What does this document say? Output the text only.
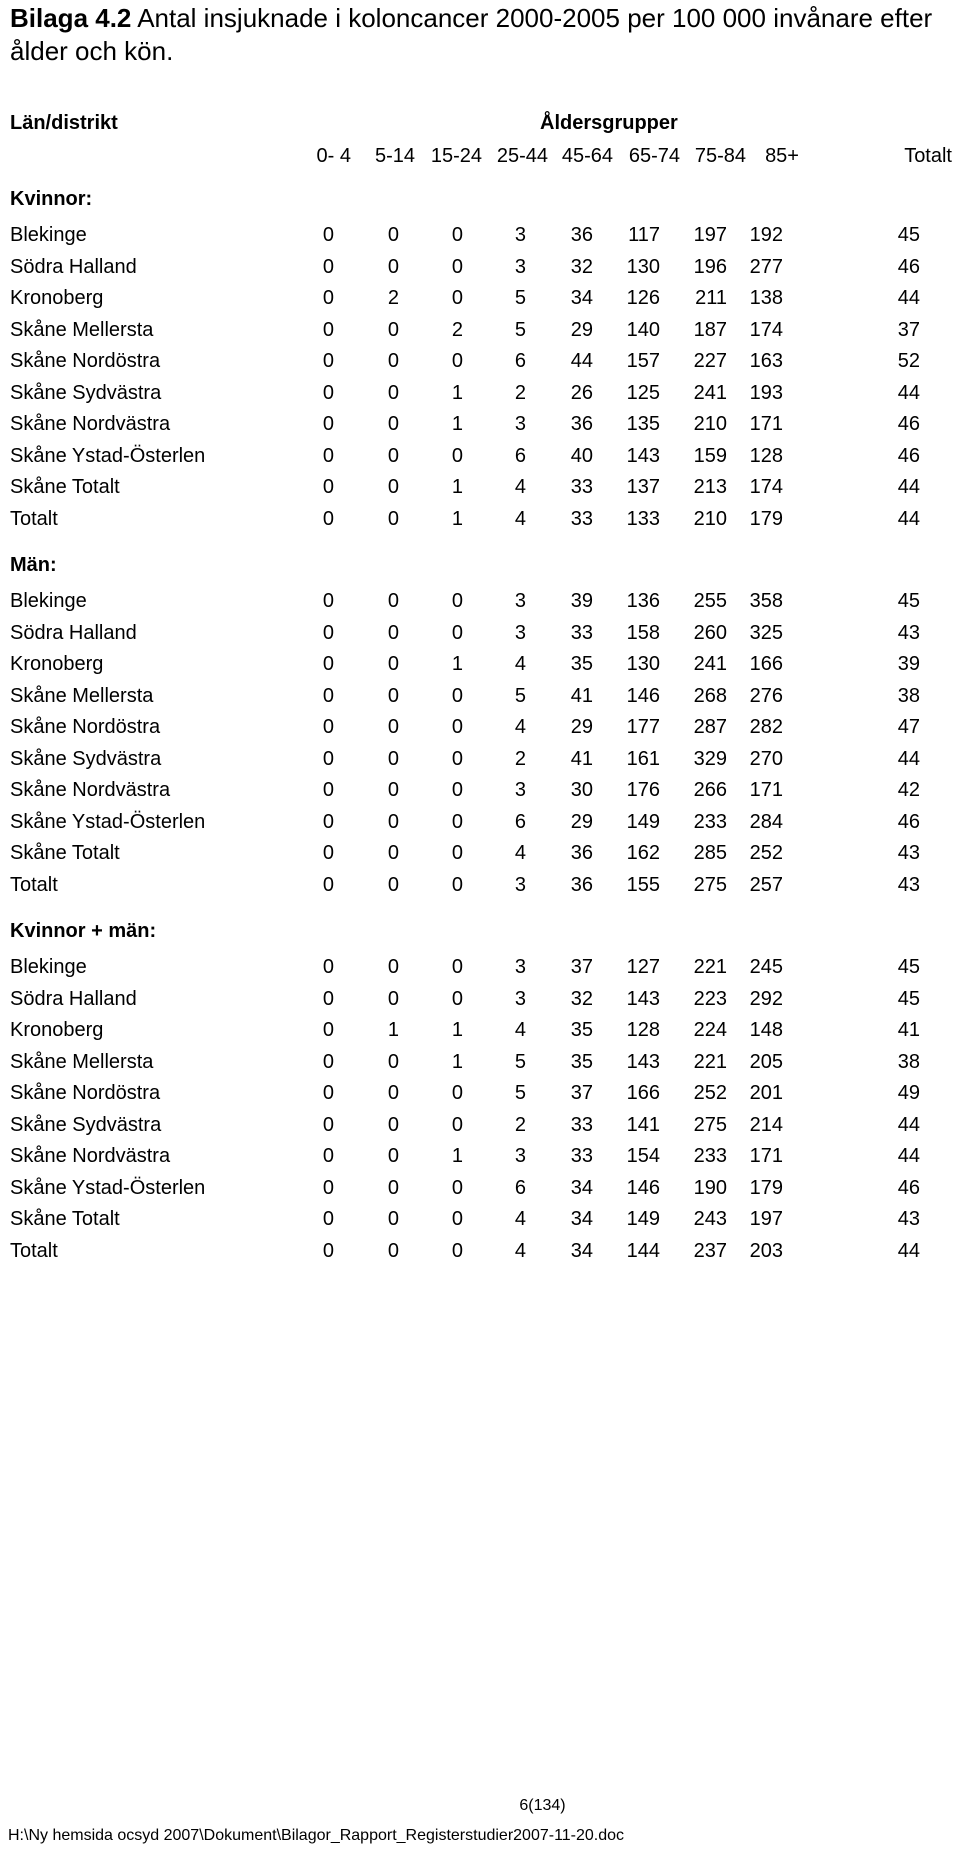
Bilaga 4.2 Antal insjuknade i koloncancer 2000-2005 per 100 000 invånare efter ålder och kön.
Län/distrikt	Åldersgrupper
0- 4 5-14 15-24 25-44 45-64 65-74 75-84 85+	Totalt
Kvinnor:
Blekinge	0	0	0	3 36 117 197 192	45
Södra Halland	0	0	0	3 32 130 196 277	46
Kronoberg	0	2	0	5 34 126 211 138	44
Skåne Mellersta	0	0	2	5 29 140 187 174	37
Skåne Nordöstra	0	0	0	6 44 157 227 163	52
Skåne Sydvästra	0	0	1	2 26 125 241 193	44
Skåne Nordvästra	0	0	1	3 36 135 210 171	46
Skåne Ystad-Österlen	0	0	0	6 40 143 159 128	46
Skåne Totalt	0	0	1	4 33 137 213 174	44
Totalt	0	0	1	4 33 133 210 179	44
Män:
Blekinge	0	0	0	3 39 136 255 358	45
Södra Halland	0	0	0	3 33 158 260 325	43
Kronoberg	0	0	1	4 35 130 241 166	39
Skåne Mellersta	0	0	0	5 41 146 268 276	38
Skåne Nordöstra	0	0	0	4 29 177 287 282	47
Skåne Sydvästra	0	0	0	2 41 161 329 270	44
Skåne Nordvästra	0	0	0	3 30 176 266 171	42
Skåne Ystad-Österlen	0	0	0	6 29 149 233 284	46
Skåne Totalt	0	0	0	4 36 162 285 252	43
Totalt	0	0	0	3 36 155 275 257	43
Kvinnor + män:
Blekinge	0	0	0	3 37 127 221 245	45
Södra Halland	0	0	0	3 32 143 223 292	45
Kronoberg	0	1	1	4 35 128 224 148	41
Skåne Mellersta	0	0	1	5 35 143 221 205	38
Skåne Nordöstra	0	0	0	5 37 166 252 201	49
Skåne Sydvästra	0	0	0	2 33 141 275 214	44
Skåne Nordvästra	0	0	1	3 33 154 233 171	44
Skåne Ystad-Österlen	0	0	0	6 34 146 190 179	46
Skåne Totalt	0	0	0	4 34 149 243 197	43
Totalt	0	0	0	4 34 144 237 203	44
6(134)
H:\Ny hemsida ocsyd 2007\Dokument\Bilagor_Rapport_Registerstudier2007-11-20.doc
